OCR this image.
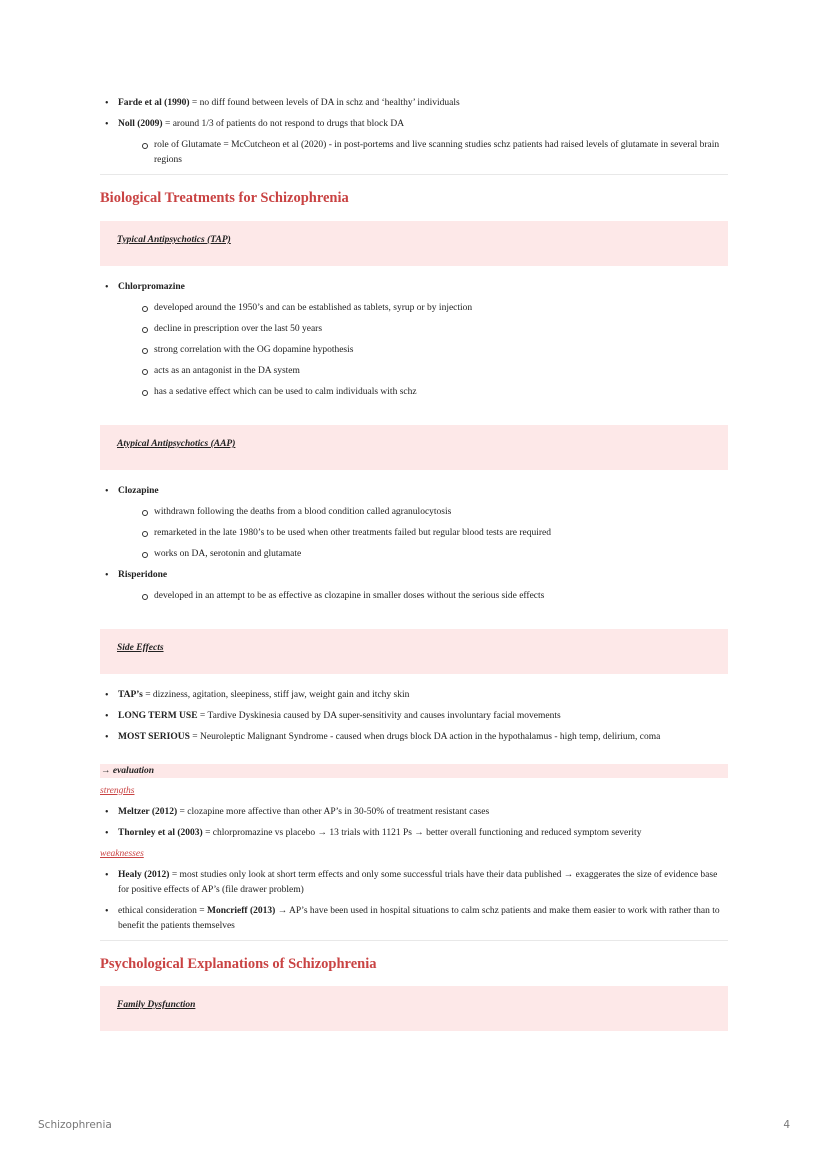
• Farde et al (1990) = no diff found between levels of DA in schz and ‘healthy’ individuals
• Noll (2009) = around 1/3 of patients do not respond to drugs that block DA
role of Glutamate = McCutcheon et al (2020) - in post-portems and live scanning studies schz patients had raised levels of glutamate in several brain regions
Biological Treatments for Schizophrenia
Typical Antipsychotics (TAP)
• Chlorpromazine
developed around the 1950’s and can be established as tablets, syrup or by injection
decline in prescription over the last 50 years
strong correlation with the OG dopamine hypothesis
acts as an antagonist in the DA system
has a sedative effect which can be used to calm individuals with schz
Atypical Antipsychotics (AAP)
• Clozapine
withdrawn following the deaths from a blood condition called agranulocytosis
remarketed in the late 1980’s to be used when other treatments failed but regular blood tests are required
works on DA, serotonin and glutamate
• Risperidone
developed in an attempt to be as effective as clozapine in smaller doses without the serious side effects
Side Effects
• TAP’s = dizziness, agitation, sleepiness, stiff jaw, weight gain and itchy skin
• LONG TERM USE = Tardive Dyskinesia caused by DA super-sensitivity and causes involuntary facial movements
• MOST SERIOUS = Neuroleptic Malignant Syndrome - caused when drugs block DA action in the hypothalamus - high temp, delirium, coma
→ evaluation
strengths
• Meltzer (2012) = clozapine more affective than other AP’s in 30-50% of treatment resistant cases
• Thornley et al (2003) = chlorpromazine vs placebo → 13 trials with 1121 Ps → better overall functioning and reduced symptom severity
weaknesses
• Healy (2012) = most studies only look at short term effects and only some successful trials have their data published → exaggerates the size of evidence base for positive effects of AP’s (file drawer problem)
• ethical consideration = Moncrieff (2013) → AP’s have been used in hospital situations to calm schz patients and make them easier to work with rather than to benefit the patients themselves
Psychological Explanations of Schizophrenia
Family Dysfunction
Schizophrenia	4
